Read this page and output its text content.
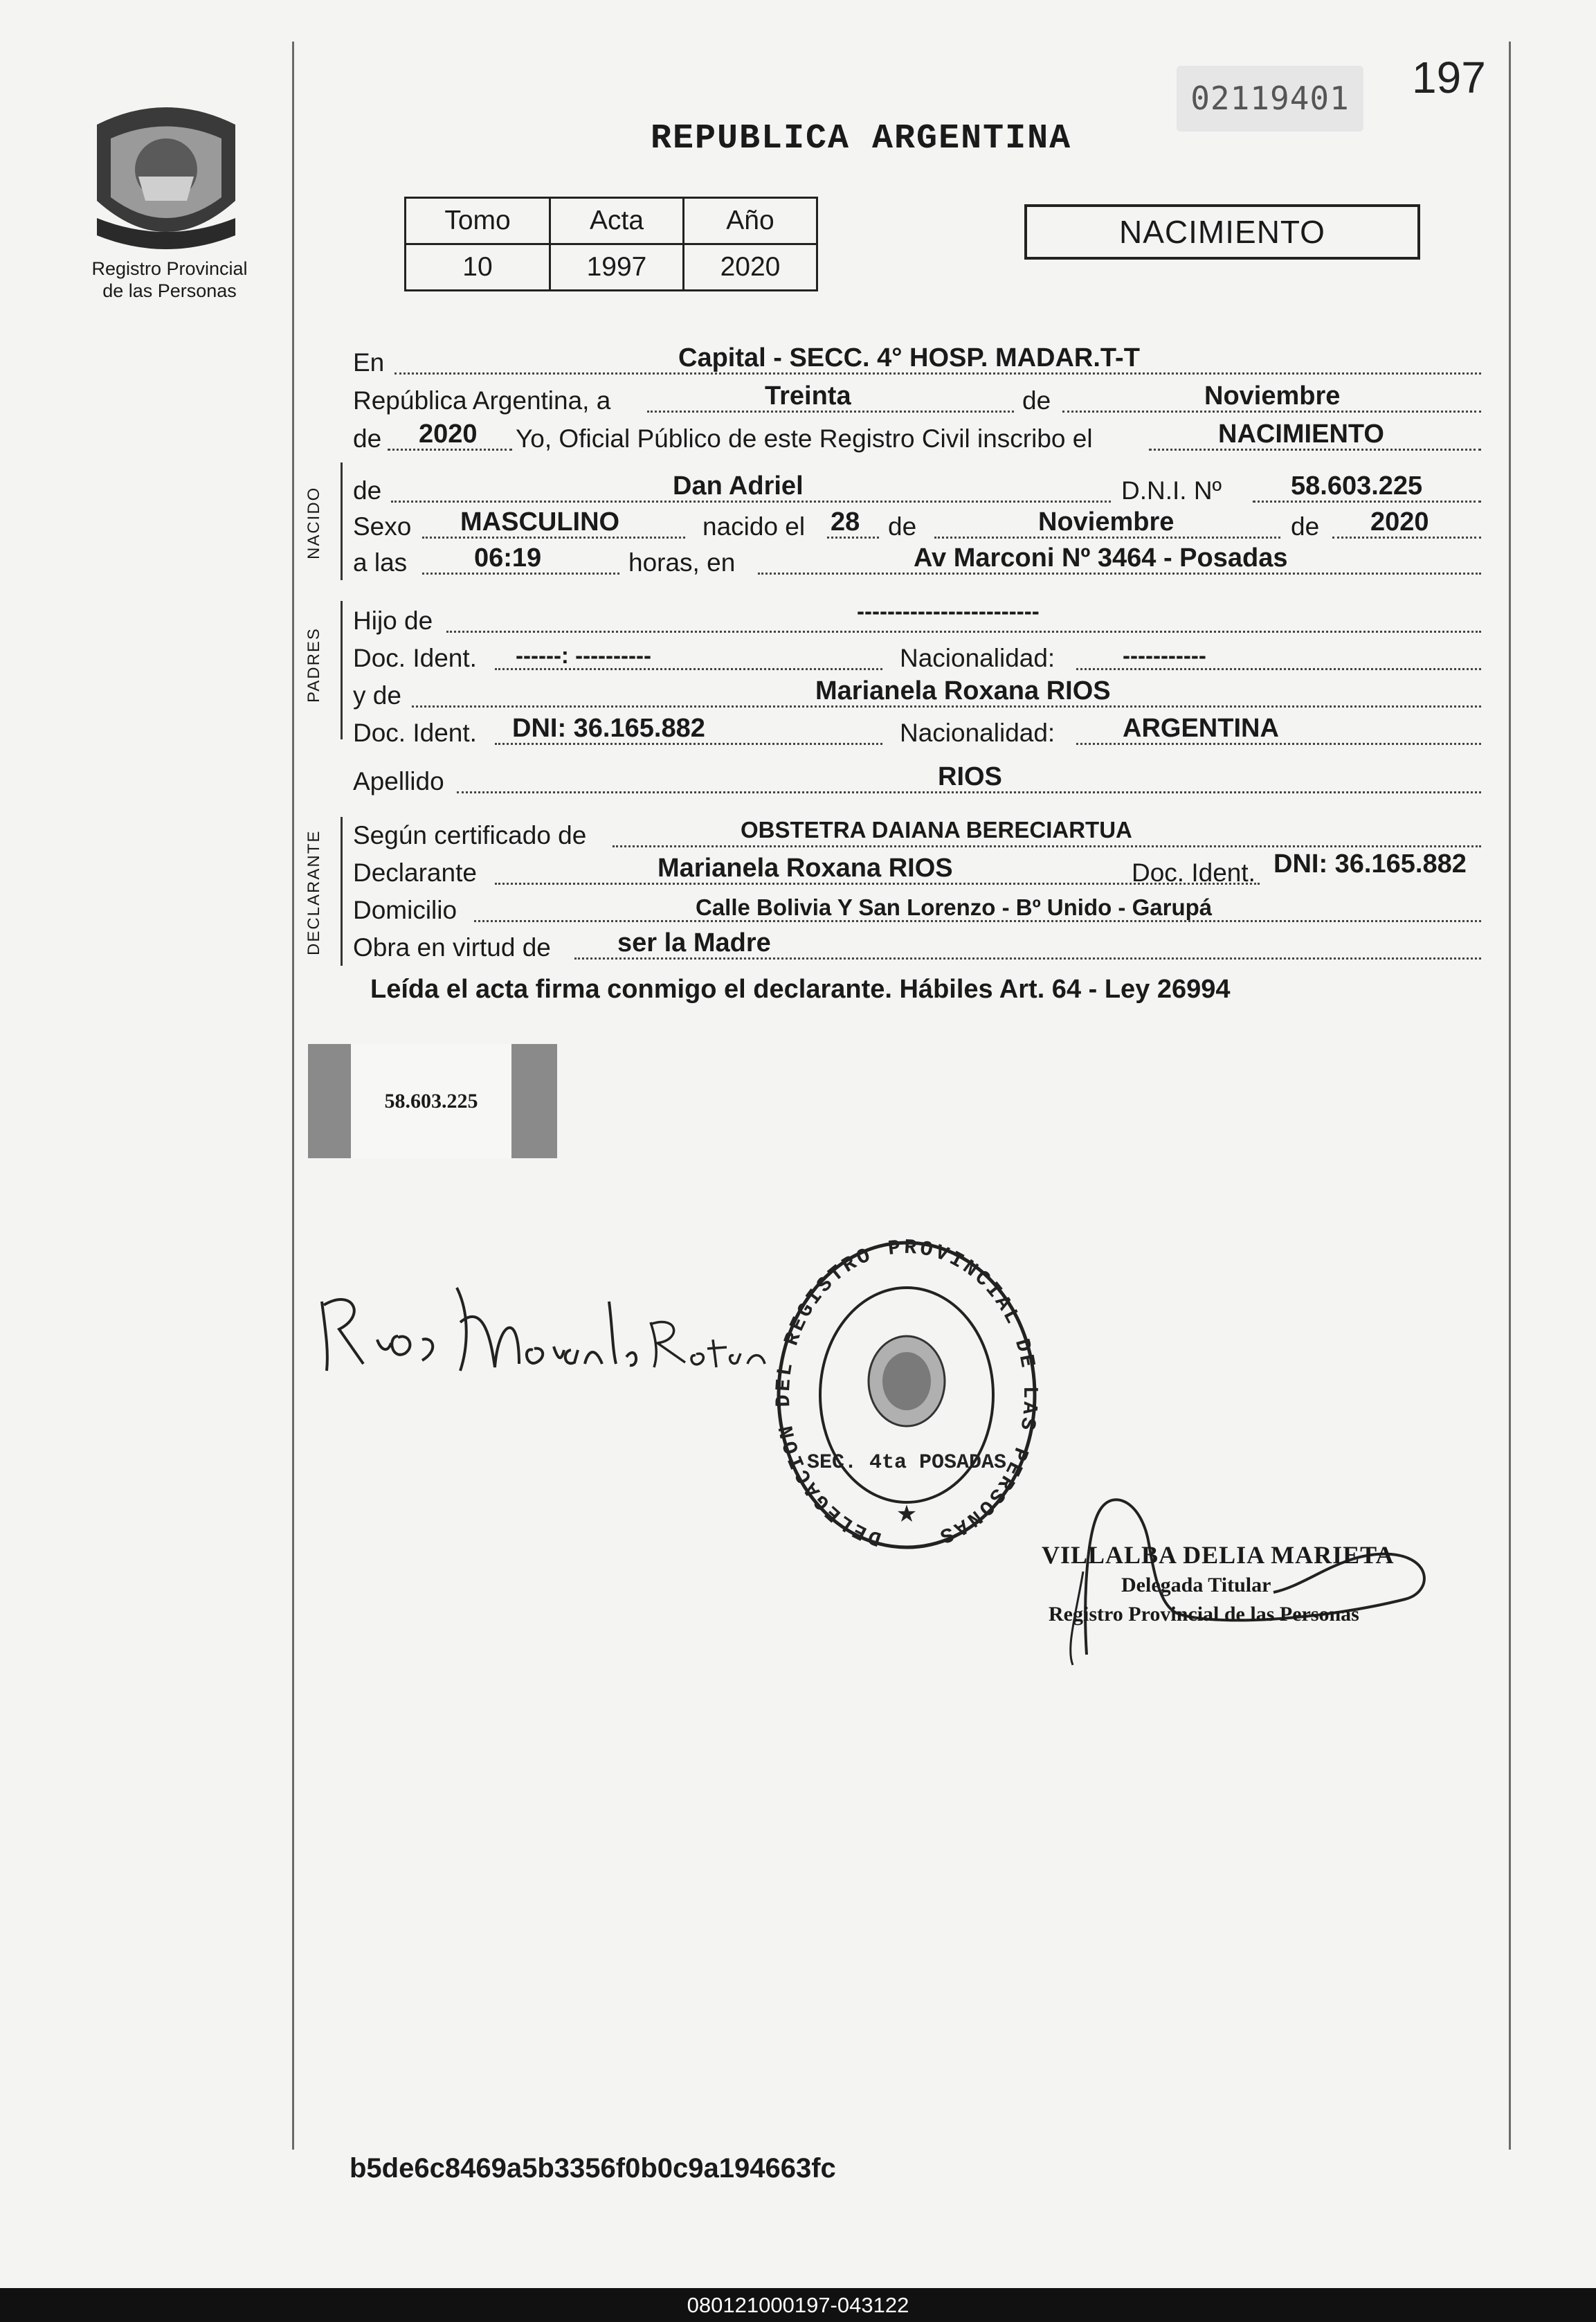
Registro Provincial
de las Personas
02119401	197
REPUBLICA ARGENTINA
Tomo	Acta	Año
10	1997	2020
NACIMIENTO
En	Capital - SECC. 4° HOSP. MADAR.T-T
República Argentina, a	Treinta	de	Noviembre
de 2020 Yo, Oficial Público de este Registro Civil inscribo el	NACIMIENTO
NACIDO de	Dan Adriel	D.N.I. Nº	58.603.225
Sexo MASCULINO	nacido el 28 de	Noviembre	de 2020
a las	06:19	horas, en	Av Marconi Nº 3464 - Posadas
PADRES
Hijo de	------------------------
Doc. Ident. ------: ----------	Nacionalidad:	-----------
y de	Marianela Roxana RIOS
Doc. Ident. DNI: 36.165.882	Nacionalidad:	ARGENTINA
Apellido	RIOS
DECLARANTE Según certificado de	OBSTETRA DAIANA BERECIARTUA
Declarante	Marianela Roxana RIOS	Doc. Ident. DNI: 36.165.882
Domicilio	Calle Bolivia Y San Lorenzo - Bº Unido - Garupá
Obra en virtud de	ser la Madre
Leída el acta firma conmigo el declarante. Hábiles Art. 64 - Ley 26994
58.603.225
DELEGACION DEL REGISTRO PROVINCIAL DE LAS PERSONAS
SEC. 4ta POSADAS
★
VILLALBA DELIA MARIETA
Delegada Titular
Registro Provincial de las Personas
b5de6c8469a5b3356f0b0c9a194663fc
080121000197-043122
